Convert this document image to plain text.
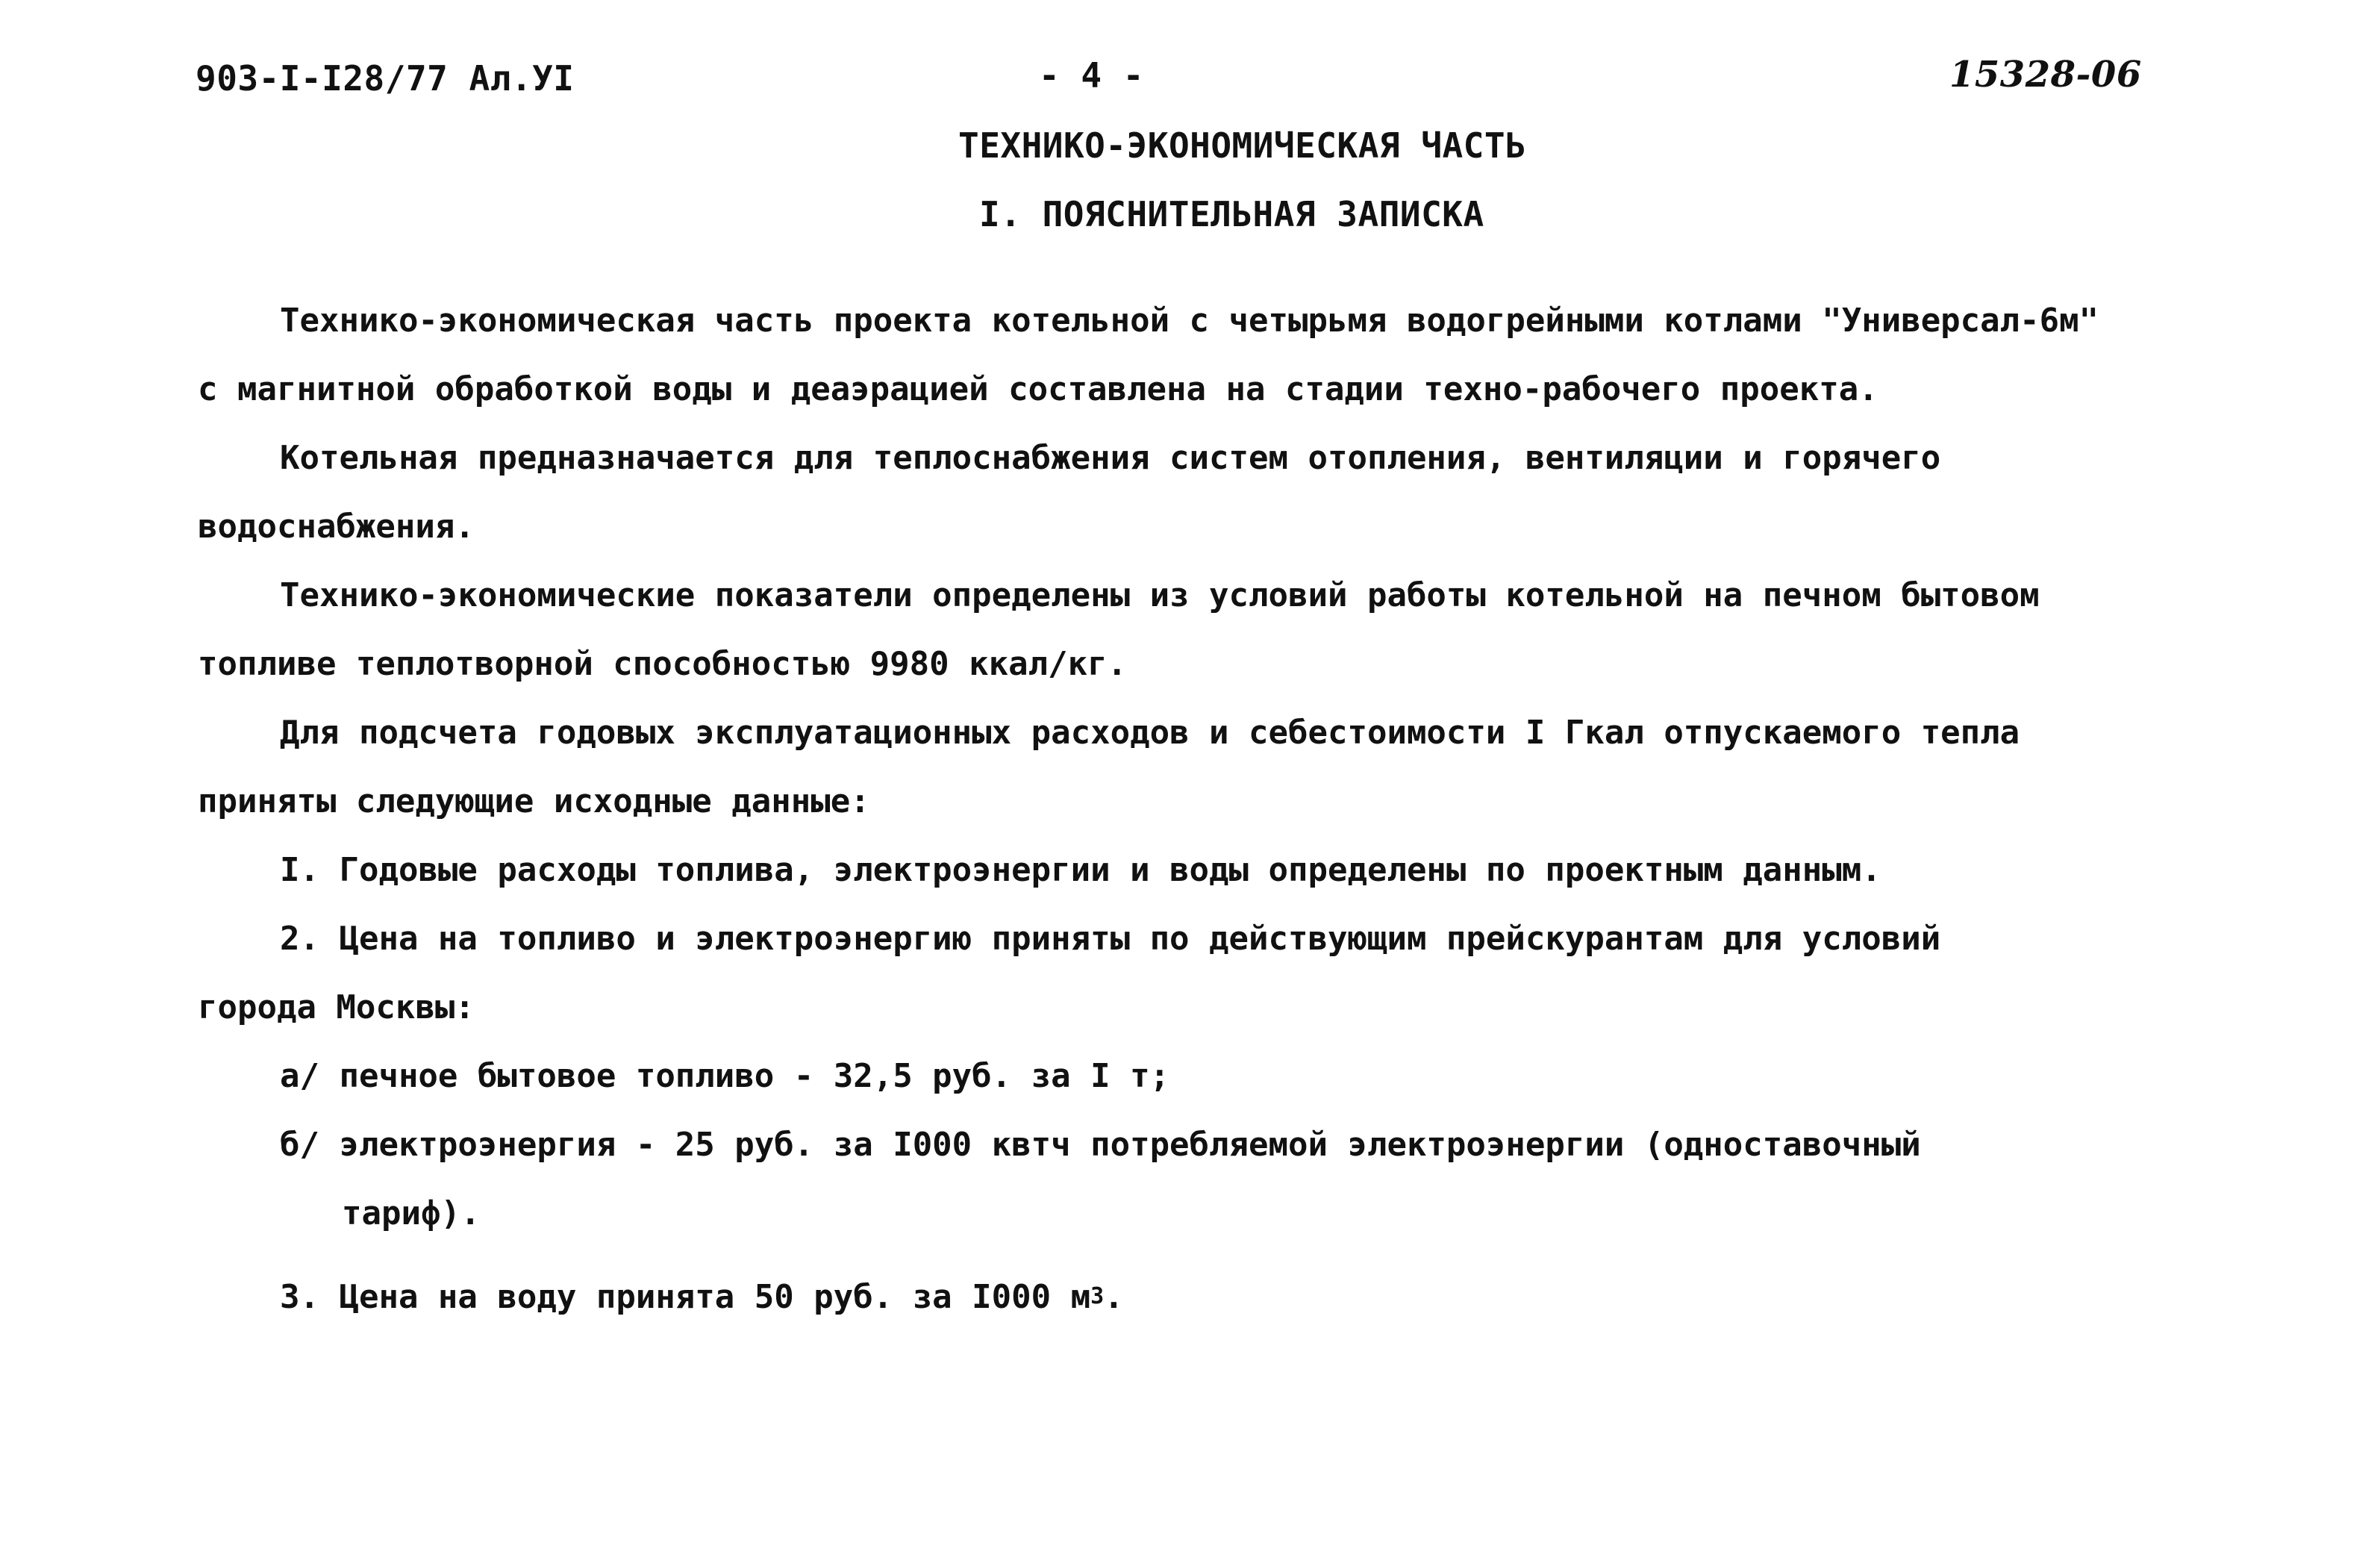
903-I-I28/77 Ал.УI	- 4 -	15328-06
ТЕХНИКО-ЭКОНОМИЧЕСКАЯ ЧАСТЬ
I. ПОЯСНИТЕЛЬНАЯ ЗАПИСКА
Технико-экономическая часть проекта котельной с четырьмя водогрейными котлами "Универсал-6м"
с магнитной обработкой воды и деаэрацией составлена на стадии техно-рабочего проекта.
Котельная предназначается для теплоснабжения систем отопления, вентиляции и горячего
водоснабжения.
Технико-экономические показатели определены из условий работы котельной на печном бытовом
топливе теплотворной способностью 9980 ккал/кг.
Для подсчета годовых эксплуатационных расходов и себестоимости I Гкал отпускаемого тепла
приняты следующие исходные данные:
I. Годовые расходы топлива, электроэнергии и воды определены по проектным данным.
2. Цена на топливо и электроэнергию приняты по действующим прейскурантам для условий
города Москвы:
а/ печное бытовое топливо - 32,5 руб. за I т;
б/ электроэнергия - 25 руб. за I000 квтч потребляемой электроэнергии (одноставочный
тариф).
3. Цена на воду принята 50 руб. за I000 $м^3$.
